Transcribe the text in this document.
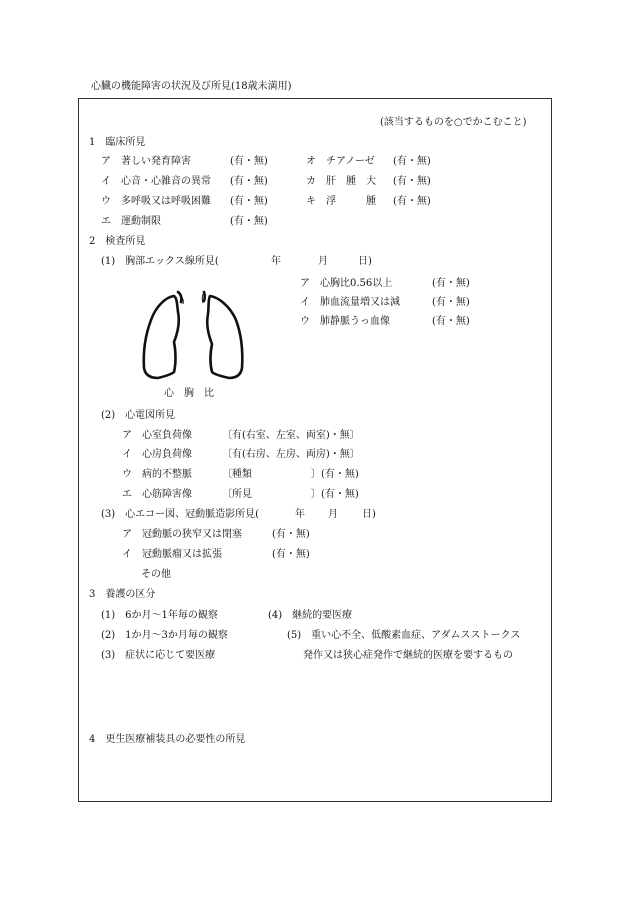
心臓の機能障害の状況及び所見(18歳未満用)
(該当するものを○でかこむこと)
1　臨床所見
ア　著しい発育障害	(有・無)	オ　チアノーゼ (有・無)
イ　心音・心雑音の異常 (有・無)	カ　肝　腫　大 (有・無)
ウ　多呼吸又は呼吸困難 (有・無)	キ　浮　　　腫 (有・無)
エ　運動制限	(有・無)
2　検査所見
(1)　胸部エックス線所見(	年	月	日)
ア　心胸比0.56以上	(有・無)
イ　肺血流量増又は減	(有・無)
ウ　肺静脈うっ血像	(有・無)
心　胸　比
(2)　心電図所見
ア　心室負荷像	〔有(右室、左室、両室)・無〕
イ　心房負荷像	〔有(右房、左房、両房)・無〕
ウ　病的不整脈	〔種類	〕(有・無)
エ　心筋障害像	〔所見	〕(有・無)
(3)　心エコー図、冠動脈造影所見(	年 月 日)
ア　冠動脈の狭窄又は閉塞	(有・無)
イ　冠動脈瘤又は拡張	(有・無)
その他
3　養護の区分
(1)　6か月～1年毎の観察	(4)　継続的要医療
(2)　1か月～3か月毎の観察	(5)　重い心不全、低酸素血症、アダムスストークス
(3)　症状に応じて要医療	発作又は狭心症発作で継続的医療を要するもの
4　更生医療補装具の必要性の所見
